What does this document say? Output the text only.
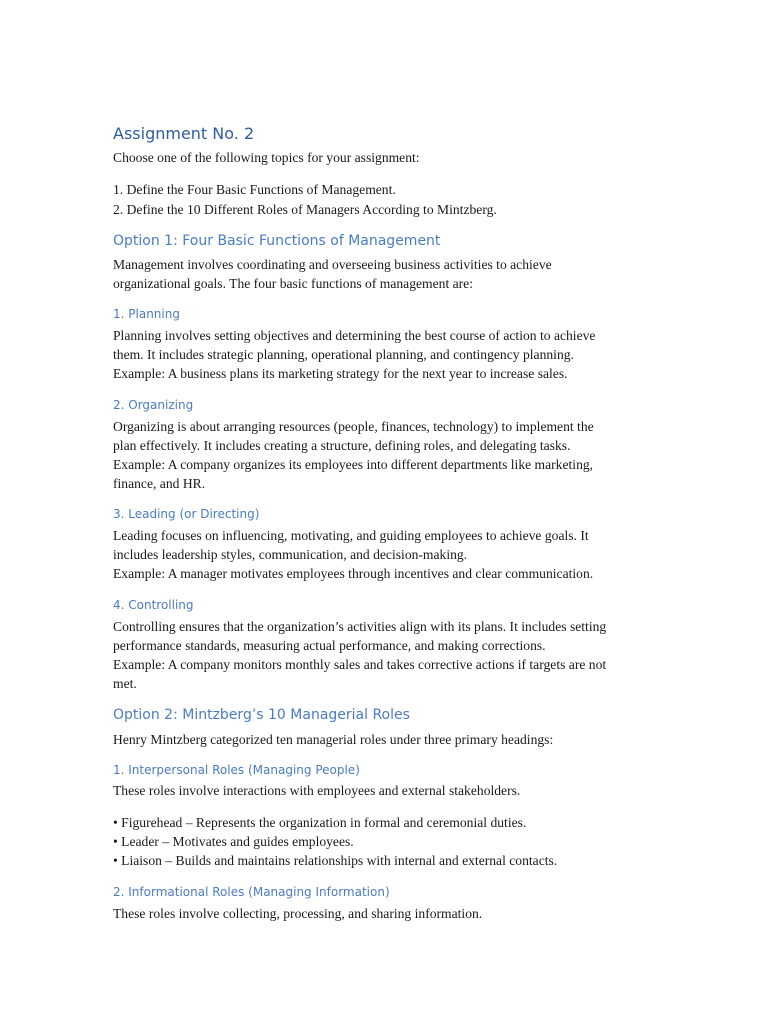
Assignment No. 2

Choose one of the following topics for your assignment:

1. Define the Four Basic Functions of Management.

2. Define the 10 Different Roles of Managers According to Mintzberg.

Option 1: Four Basic Functions of Management

Management involves coordinating and overseeing business activities to achieve

organizational goals. The four basic functions of management are:

1. Planning

Planning involves setting objectives and determining the best course of action to achieve

them. It includes strategic planning, operational planning, and contingency planning.

Example: A business plans its marketing strategy for the next year to increase sales.

2. Organizing

Organizing is about arranging resources (people, finances, technology) to implement the

plan effectively. It includes creating a structure, defining roles, and delegating tasks.

Example: A company organizes its employees into different departments like marketing,

finance, and HR.

3. Leading (or Directing)

Leading focuses on influencing, motivating, and guiding employees to achieve goals. It

includes leadership styles, communication, and decision-making.

Example: A manager motivates employees through incentives and clear communication.

4. Controlling

Controlling ensures that the organization’s activities align with its plans. It includes setting

performance standards, measuring actual performance, and making corrections.

Example: A company monitors monthly sales and takes corrective actions if targets are not

met.

Option 2: Mintzberg’s 10 Managerial Roles

Henry Mintzberg categorized ten managerial roles under three primary headings:

1. Interpersonal Roles (Managing People)

These roles involve interactions with employees and external stakeholders.

• Figurehead – Represents the organization in formal and ceremonial duties.

• Leader – Motivates and guides employees.

• Liaison – Builds and maintains relationships with internal and external contacts.

2. Informational Roles (Managing Information)

These roles involve collecting, processing, and sharing information.
